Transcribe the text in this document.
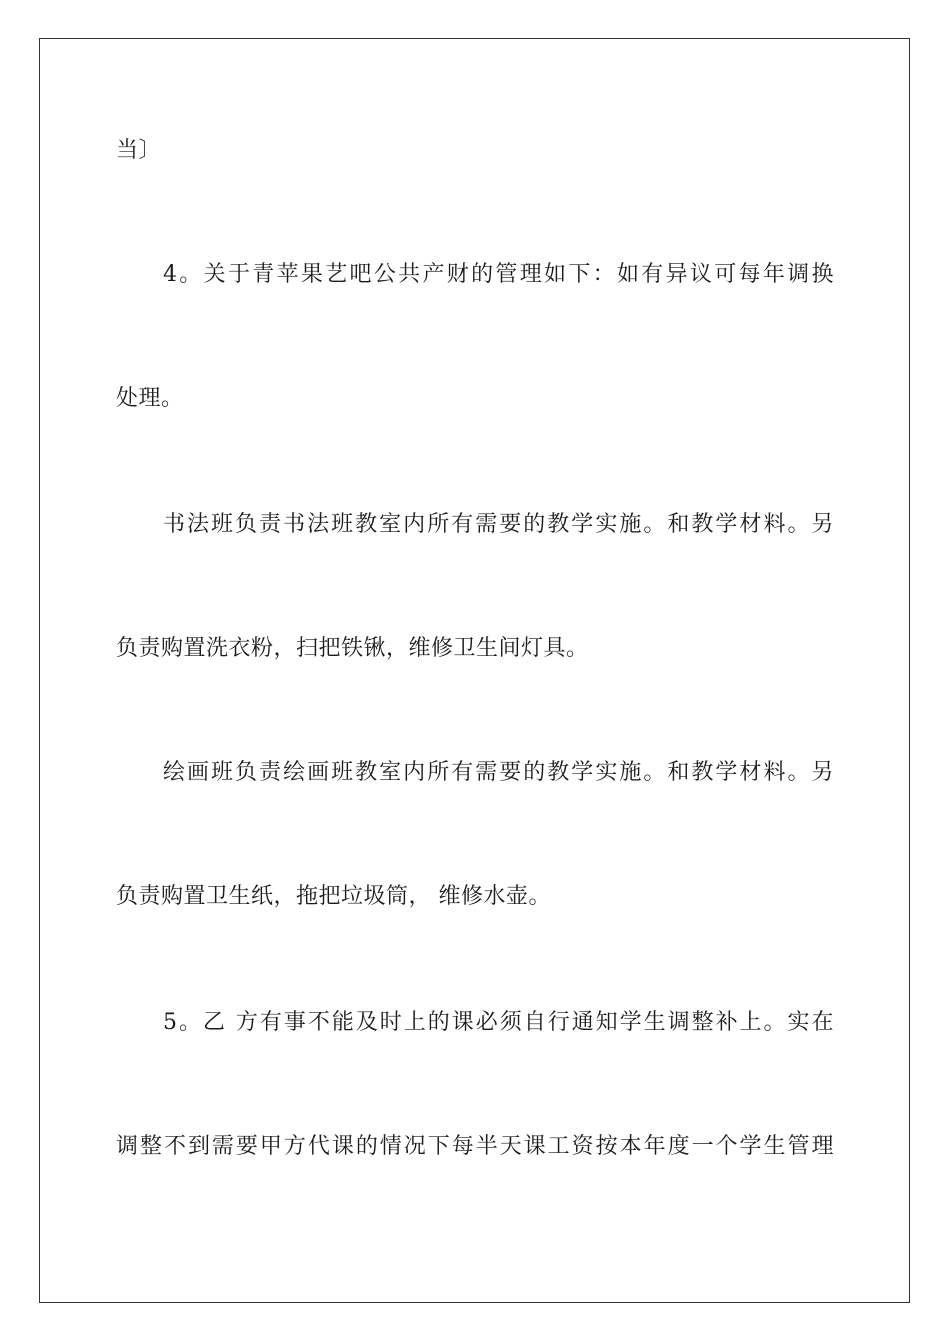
当〕
4。关于青苹果艺吧公共产财的管理如下：如有异议可每年调换
处理。
书法班负责书法班教室内所有需要的教学实施。和教学材料。另
负责购置洗衣粉，扫把铁锹，维修卫生间灯具。
绘画班负责绘画班教室内所有需要的教学实施。和教学材料。另
负责购置卫生纸，拖把垃圾筒， 维修水壶。
5。乙 方有事不能及时上的课必须自行通知学生调整补上。实在
调整不到需要甲方代课的情况下每半天课工资按本年度一个学生管理
